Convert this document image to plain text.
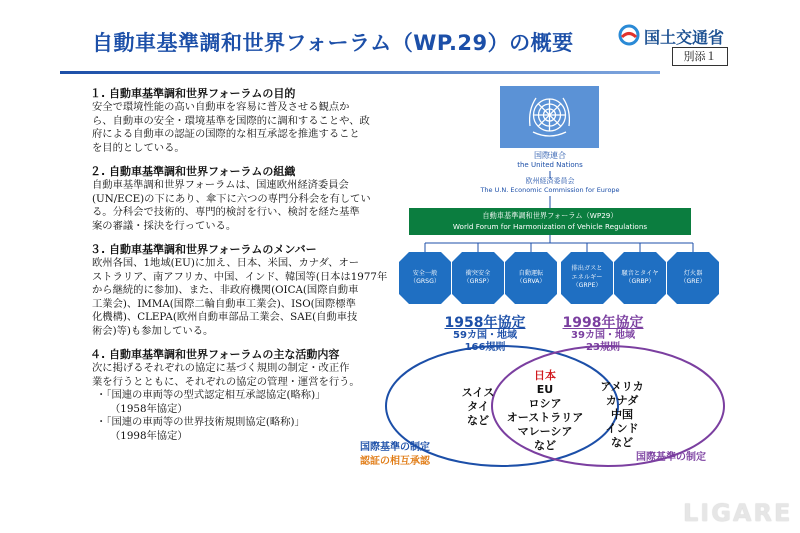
自動車基準調和世界フォーラム（WP.29）の概要	国土交通省
別添１
１. 自動車基準調和世界フォーラムの目的
安全で環境性能の高い自動車を容易に普及させる観点か
ら、自動車の安全・環境基準を国際的に調和することや、政
府による自動車の認証の国際的な相互承認を推進すること
を目的としている。
２. 自動車基準調和世界フォーラムの組織
自動車基準調和世界フォーラムは、国連欧州経済委員会
(UN/ECE)の下にあり、傘下に六つの専門分科会を有してい
る。分科会で技術的、専門的検討を行い、検討を経た基準
案の審議・採決を行っている。
３. 自動車基準調和世界フォーラムのメンバー
欧州各国、1地域(EU)に加え、日本、米国、カナダ、オー
ストラリア、南アフリカ、中国、インド、韓国等(日本は1977年
から継続的に参加)、また、非政府機関(OICA(国際自動車
工業会)、IMMA(国際二輪自動車工業会)、ISO(国際標準
化機構)、CLEPA(欧州自動車部品工業会、SAE(自動車技
術会)等)も参加している。
４. 自動車基準調和世界フォーラムの主な活動内容
次に掲げるそれぞれの協定に基づく規則の制定・改正作
業を行うとともに、それぞれの協定の管理・運営を行う。
・「国連の車両等の型式認定相互承認協定(略称)」
（1958年協定）
・「国連の車両等の世界技術規則協定(略称)」
（1998年協定）
国際連合
the United Nations
欧州経済委員会
The U.N. Economic Commission for Europe
自動車基準調和世界フォーラム（WP29）
World Forum for Harmonization of Vehicle Regulations
安全一般
（GRSG）
衝突安全
（GRSP）
自動運転
（GRVA）
排出ガスと
エネルギー
（GRPE）
騒音とタイヤ
（GRBP）
灯火器
（GRE）
1958年協定
59カ国・地域
166規則
1998年協定
39カ国・地域
23規則
スイス
タイ
など
日本
EU
ロシア
オーストラリア
マレーシア
など
アメリカ
カナダ
中国
インド
など
国際基準の制定
認証の相互承認	国際基準の制定
LIGARE
